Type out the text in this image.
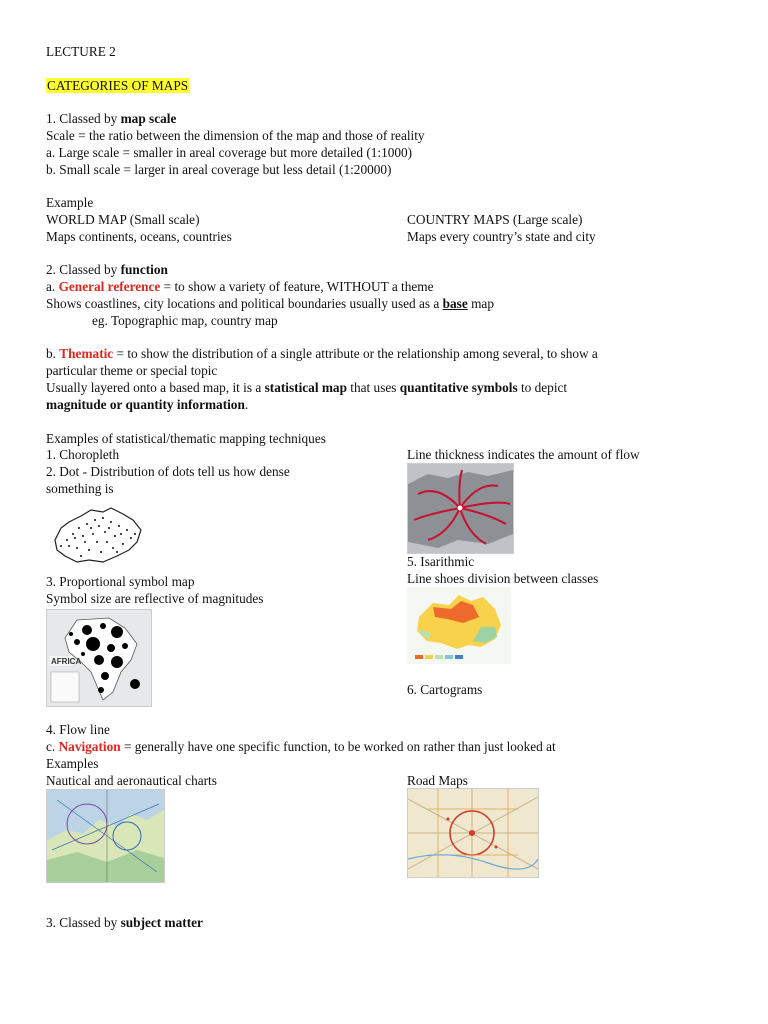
LECTURE 2
CATEGORIES OF MAPS
1. Classed by map scale
Scale = the ratio between the dimension of the map and those of reality
a. Large scale = smaller in areal coverage but more detailed (1:1000)
b. Small scale = larger in areal coverage but less detail (1:20000)
Example
WORLD MAP (Small scale)	COUNTRY MAPS (Large scale)
Maps continents, oceans, countries	Maps every country’s state and city
2. Classed by function
a. General reference = to show a variety of feature, WITHOUT a theme
Shows coastlines, city locations and political boundaries usually used as a base map
eg. Topographic map, country map
b. Thematic = to show the distribution of a single attribute or the relationship among several, to show a
particular theme or special topic
Usually layered onto a based map, it is a statistical map that uses quantitative symbols to depict
magnitude or quantity information.
Examples of statistical/thematic mapping techniques
1. Choropleth	Line thickness indicates the amount of flow
2. Dot - Distribution of dots tell us how dense
something is
5. Isarithmic
Line shoes division between classes
3. Proportional symbol map
Symbol size are reflective of magnitudes
AFRICA
6. Cartograms
4. Flow line
c. Navigation = generally have one specific function, to be worked on rather than just looked at
Examples
Nautical and aeronautical charts	Road Maps
3. Classed by subject matter
